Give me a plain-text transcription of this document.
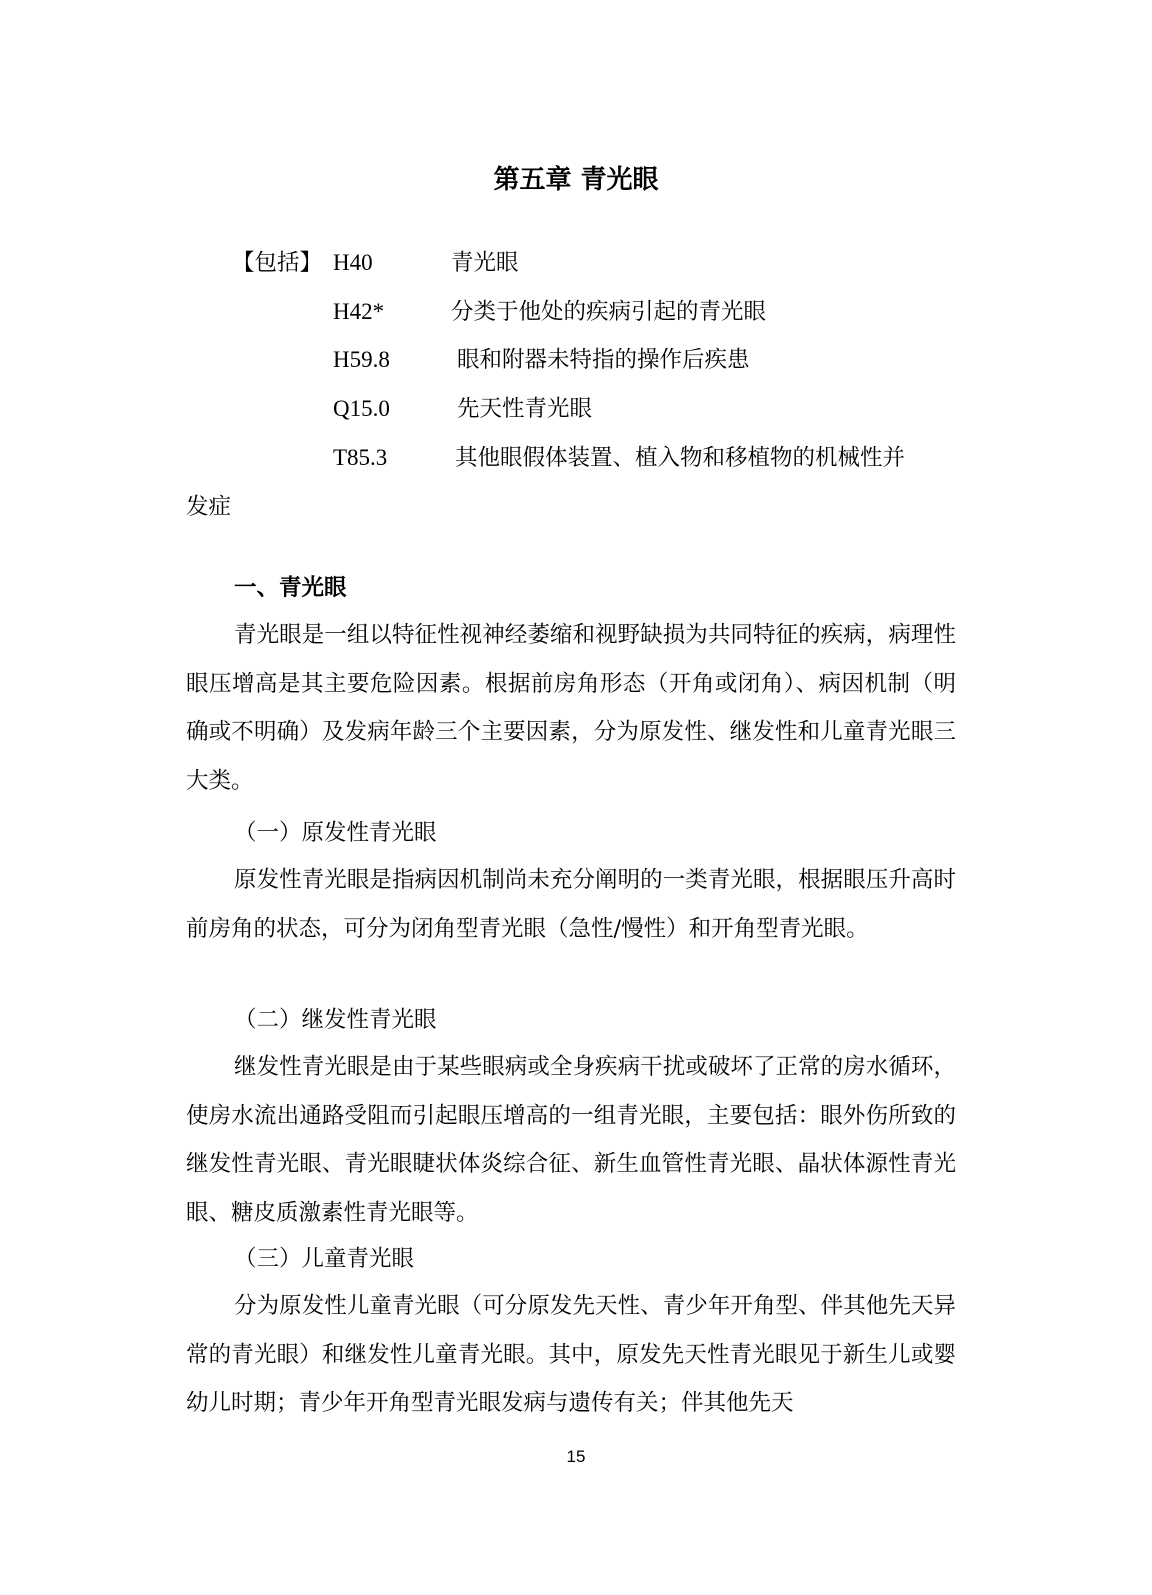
第五章 青光眼
【包括】 H40	青光眼
H42*	分类于他处的疾病引起的青光眼
H59.8	眼和附器未特指的操作后疾患
Q15.0	先天性青光眼
T85.3	其他眼假体装置、植入物和移植物的机械性并
发症
一、青光眼

青光眼是一组以特征性视神经萎缩和视野缺损为共同特征的疾病，病理性眼压增高是其主要危险因素。根据前房角形态（开角或闭角）、病因机制（明确或不明确）及发病年龄三个主要因素，分为原发性、继发性和儿童青光眼三大类。

（一）原发性青光眼

原发性青光眼是指病因机制尚未充分阐明的一类青光眼，根据眼压升高时前房角的状态，可分为闭角型青光眼（急性/慢性）和开角型青光眼。

（二）继发性青光眼

继发性青光眼是由于某些眼病或全身疾病干扰或破坏了正常的房水循环，使房水流出通路受阻而引起眼压增高的一组青光眼，主要包括：眼外伤所致的继发性青光眼、青光眼睫状体炎综合征、新生血管性青光眼、晶状体源性青光眼、糖皮质激素性青光眼等。

（三）儿童青光眼

分为原发性儿童青光眼（可分原发先天性、青少年开角型、伴其他先天异常的青光眼）和继发性儿童青光眼。其中，原发先天性青光眼见于新生儿或婴幼儿时期；青少年开角型青光眼发病与遗传有关；伴其他先天

15
